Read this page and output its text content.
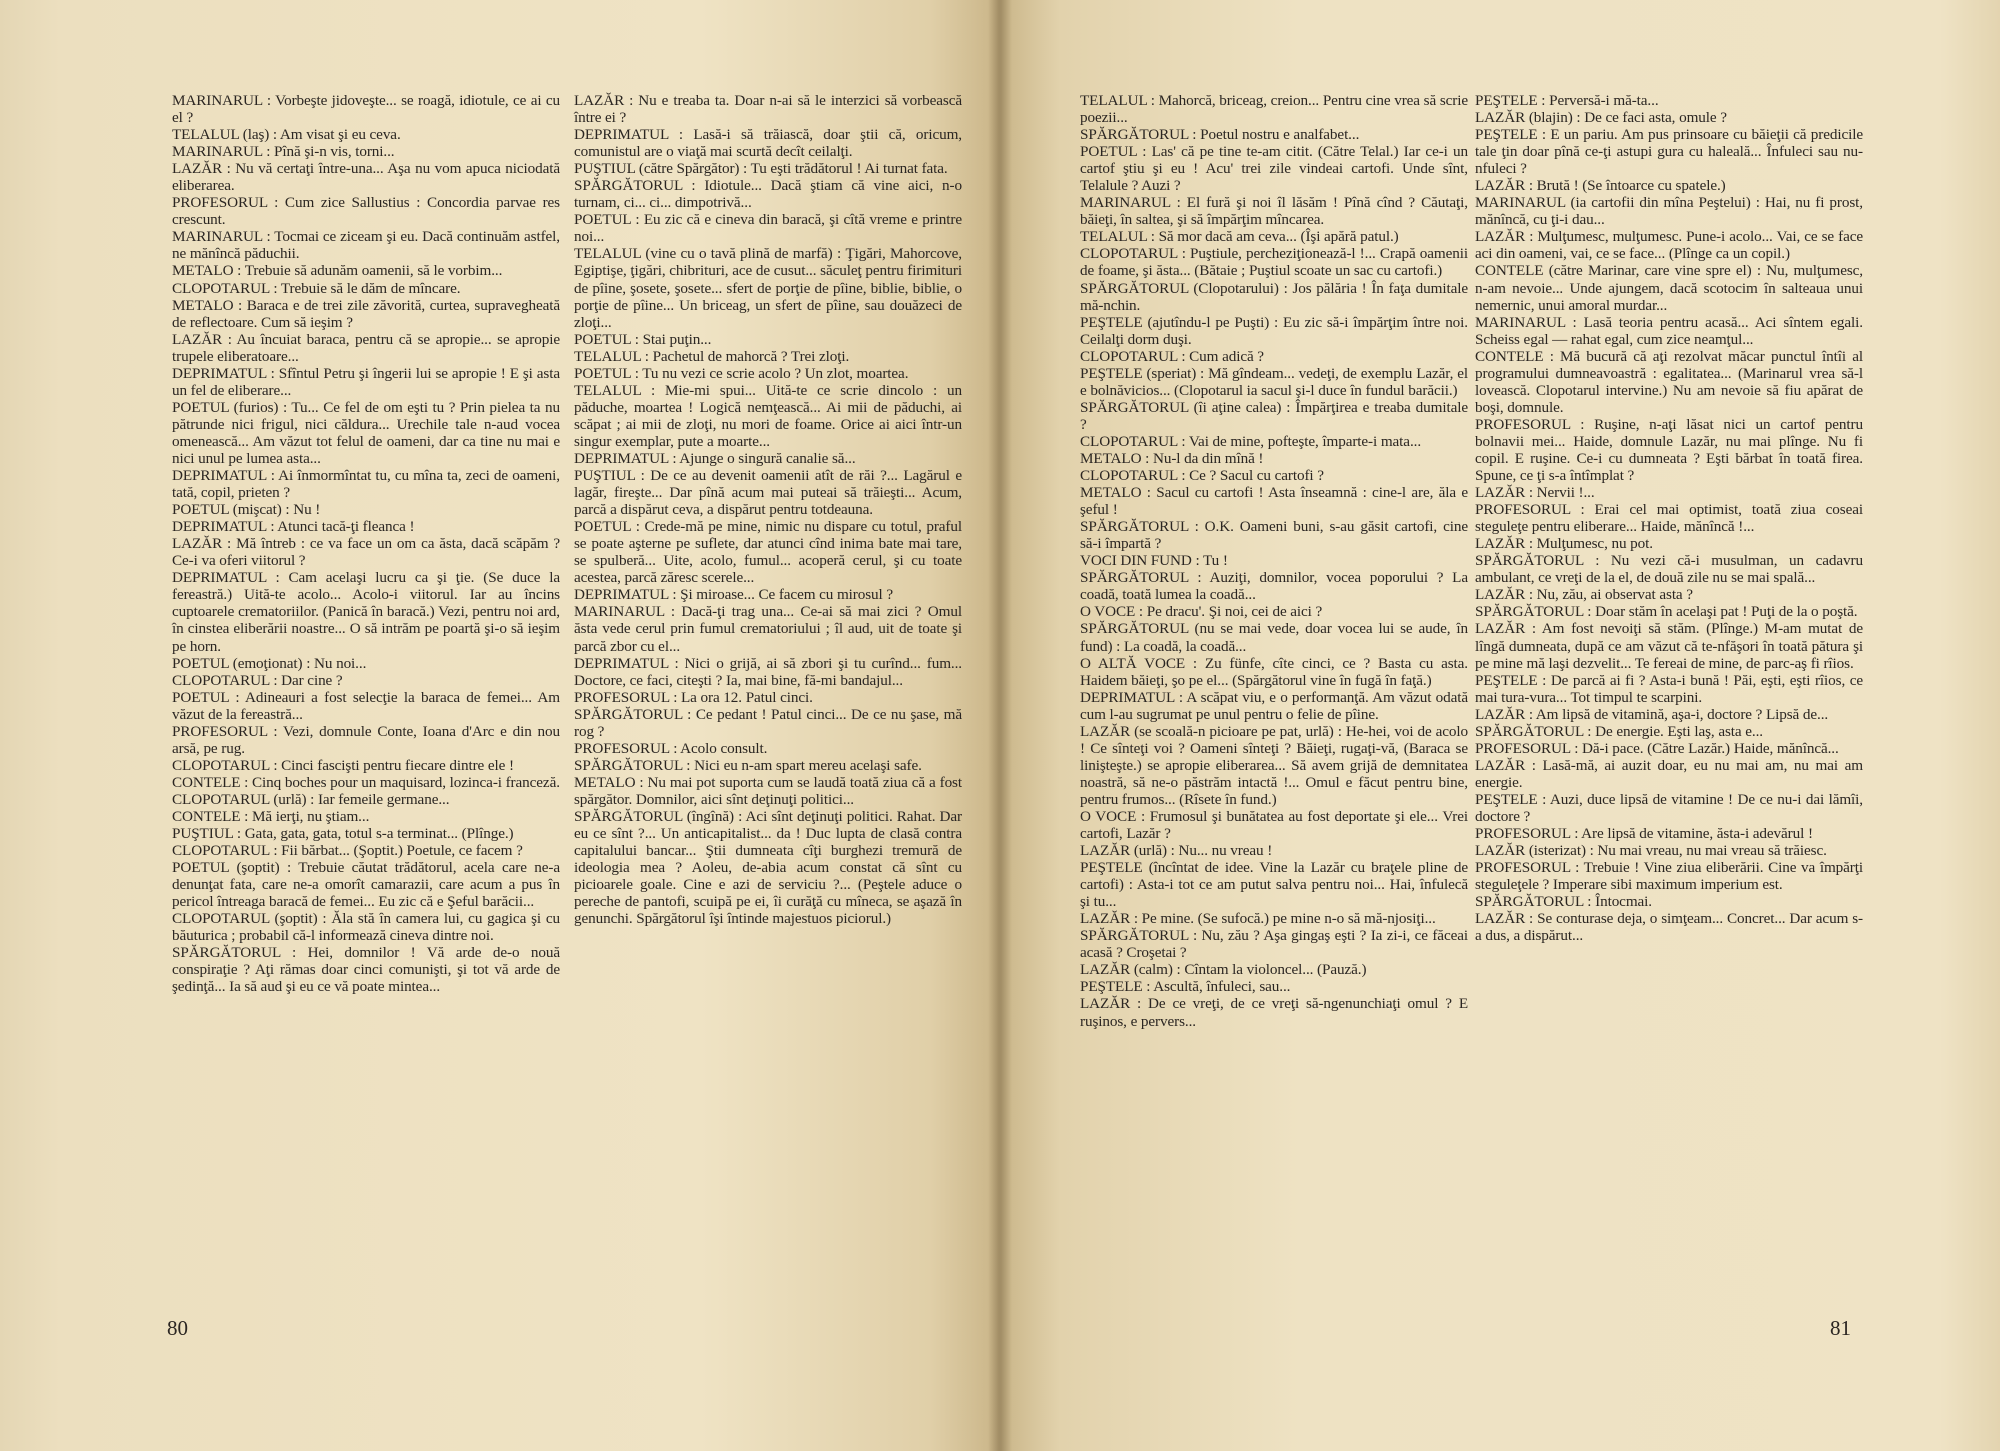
MARINARUL : Vorbeşte jidoveşte... se roagă, idiotule, ce ai cu el ?

TELALUL (laş) : Am visat şi eu ceva.

MARINARUL : Pînă şi-n vis, torni...

LAZĂR : Nu vă certaţi între-una... Aşa nu vom apuca niciodată eliberarea.

PROFESORUL : Cum zice Sallustius : Concordia parvae res crescunt.

MARINARUL : Tocmai ce ziceam şi eu. Dacă continuăm astfel, ne mănîncă păduchii.

METALO : Trebuie să adunăm oamenii, să le vorbim...

CLOPOTARUL : Trebuie să le dăm de mîncare.

METALO : Baraca e de trei zile zăvorită, curtea, supravegheată de reflectoare. Cum să ieşim ?

LAZĂR : Au încuiat baraca, pentru că se apropie... se apropie trupele eliberatoare...

DEPRIMATUL : Sfîntul Petru şi îngerii lui se apropie ! E şi asta un fel de eliberare...

POETUL (furios) : Tu... Ce fel de om eşti tu ? Prin pielea ta nu pătrunde nici frigul, nici căldura... Urechile tale n-aud vocea omenească... Am văzut tot felul de oameni, dar ca tine nu mai e nici unul pe lumea asta...

DEPRIMATUL : Ai înmormîntat tu, cu mîna ta, zeci de oameni, tată, copil, prieten ?

POETUL (mişcat) : Nu !

DEPRIMATUL : Atunci tacă-ţi fleanca !

LAZĂR : Mă întreb : ce va face un om ca ăsta, dacă scăpăm ? Ce-i va oferi viitorul ?

DEPRIMATUL : Cam acelaşi lucru ca şi ţie. (Se duce la fereastră.) Uită-te acolo... Acolo-i viitorul. Iar au încins cuptoarele crematoriilor. (Panică în baracă.) Vezi, pentru noi ard, în cinstea eliberării noastre... O să intrăm pe poartă şi-o să ieşim pe horn.

POETUL (emoţionat) : Nu noi...

CLOPOTARUL : Dar cine ?

POETUL : Adineauri a fost selecţie la baraca de femei... Am văzut de la fereastră...

PROFESORUL : Vezi, domnule Conte, Ioana d'Arc e din nou arsă, pe rug.

CLOPOTARUL : Cinci fascişti pentru fiecare dintre ele !

CONTELE : Cinq boches pour un maquisard, lozinca-i franceză.

CLOPOTARUL (urlă) : Iar femeile germane...

CONTELE : Mă ierţi, nu ştiam...

PUŞTIUL : Gata, gata, gata, totul s-a terminat... (Plînge.)

CLOPOTARUL : Fii bărbat... (Şoptit.) Poetule, ce facem ?

POETUL (şoptit) : Trebuie căutat trădătorul, acela care ne-a denunţat fata, care ne-a omorît camarazii, care acum a pus în pericol întreaga baracă de femei... Eu zic că e Şeful barăcii...

CLOPOTARUL (şoptit) : Ăla stă în camera lui, cu gagica şi cu băuturica ; probabil că-l informează cineva dintre noi.

SPĂRGĂTORUL : Hei, domnilor ! Vă arde de-o nouă conspiraţie ? Aţi rămas doar cinci comunişti, şi tot vă arde de şedinţă... Ia să aud şi eu ce vă poate mintea...

LAZĂR : Nu e treaba ta. Doar n-ai să le interzici să vorbească între ei ?

DEPRIMATUL : Lasă-i să trăiască, doar ştii că, oricum, comunistul are o viaţă mai scurtă decît ceilalţi.

PUŞTIUL (către Spărgător) : Tu eşti trădătorul ! Ai turnat fata.

SPĂRGĂTORUL : Idiotule... Dacă ştiam că vine aici, n-o turnam, ci... ci... dimpotrivă...

POETUL : Eu zic că e cineva din baracă, şi cîtă vreme e printre noi...

TELALUL (vine cu o tavă plină de marfă) : Ţigări, Mahorcove, Egiptişe, ţigări, chibrituri, ace de cusut... săculeţ pentru firimituri de pîine, şosete, şosete... sfert de porţie de pîine, biblie, biblie, o porţie de pîine... Un briceag, un sfert de pîine, sau douăzeci de zloţi...

POETUL : Stai puţin...

TELALUL : Pachetul de mahorcă ? Trei zloţi.

POETUL : Tu nu vezi ce scrie acolo ? Un zlot, moartea.

TELALUL : Mie-mi spui... Uită-te ce scrie dincolo : un păduche, moartea ! Logică nemţească... Ai mii de păduchi, ai scăpat ; ai mii de zloţi, nu mori de foame. Orice ai aici într-un singur exemplar, pute a moarte...

DEPRIMATUL : Ajunge o singură canalie să...

PUŞTIUL : De ce au devenit oamenii atît de răi ?... Lagărul e lagăr, fireşte... Dar pînă acum mai puteai să trăieşti... Acum, parcă a dispărut ceva, a dispărut pentru totdeauna.

POETUL : Crede-mă pe mine, nimic nu dispare cu totul, praful se poate aşterne pe suflete, dar atunci cînd inima bate mai tare, se spulberă... Uite, acolo, fumul... acoperă cerul, şi cu toate acestea, parcă zăresc scerele...

DEPRIMATUL : Şi miroase... Ce facem cu mirosul ?

MARINARUL : Dacă-ţi trag una... Ce-ai să mai zici ? Omul ăsta vede cerul prin fumul crematoriului ; îl aud, uit de toate şi parcă zbor cu el...

DEPRIMATUL : Nici o grijă, ai să zbori şi tu curînd... fum... Doctore, ce faci, citeşti ? Ia, mai bine, fă-mi bandajul...

PROFESORUL : La ora 12. Patul cinci.

SPĂRGĂTORUL : Ce pedant ! Patul cinci... De ce nu şase, mă rog ?

PROFESORUL : Acolo consult.

SPĂRGĂTORUL : Nici eu n-am spart mereu acelaşi safe.

METALO : Nu mai pot suporta cum se laudă toată ziua că a fost spărgător. Domnilor, aici sînt deţinuţi politici...

SPĂRGĂTORUL (îngînă) : Aci sînt deţinuţi politici. Rahat. Dar eu ce sînt ?... Un anticapitalist... da ! Duc lupta de clasă contra capitalului bancar... Ştii dumneata cîţi burghezi tremură de ideologia mea ? Aoleu, de-abia acum constat că sînt cu picioarele goale. Cine e azi de serviciu ?... (Peştele aduce o pereche de pantofi, scuipă pe ei, îi curăţă cu mîneca, se aşază în genunchi. Spărgătorul îşi întinde majestuos piciorul.)

80

TELALUL : Mahorcă, briceag, creion... Pentru cine vrea să scrie poezii...

SPĂRGĂTORUL : Poetul nostru e analfabet...

POETUL : Las' că pe tine te-am citit. (Către Telal.) Iar ce-i un cartof ştiu şi eu ! Acu' trei zile vindeai cartofi. Unde sînt, Telalule ? Auzi ?

MARINARUL : El fură şi noi îl lăsăm ! Pînă cînd ? Căutaţi, băieţi, în saltea, şi să împărţim mîncarea.

TELALUL : Să mor dacă am ceva... (Îşi apără patul.)

CLOPOTARUL : Puştiule, percheziţionează-l !... Crapă oamenii de foame, şi ăsta... (Bătaie ; Puştiul scoate un sac cu cartofi.)

SPĂRGĂTORUL (Clopotarului) : Jos pălăria ! În faţa dumitale mă-nchin.

PEŞTELE (ajutîndu-l pe Puşti) : Eu zic să-i împărţim între noi. Ceilalţi dorm duşi.

CLOPOTARUL : Cum adică ?

PEŞTELE (speriat) : Mă gîndeam... vedeţi, de exemplu Lazăr, el e bolnăvicios... (Clopotarul ia sacul şi-l duce în fundul barăcii.)

SPĂRGĂTORUL (îi aţine calea) : Împărţirea e treaba dumitale ?

CLOPOTARUL : Vai de mine, pofteşte, împarte-i mata...

METALO : Nu-l da din mînă !

CLOPOTARUL : Ce ? Sacul cu cartofi ?

METALO : Sacul cu cartofi ! Asta înseamnă : cine-l are, ăla e şeful !

SPĂRGĂTORUL : O.K. Oameni buni, s-au găsit cartofi, cine să-i împartă ?

VOCI DIN FUND : Tu !

SPĂRGĂTORUL : Auziţi, domnilor, vocea poporului ? La coadă, toată lumea la coadă...

O VOCE : Pe dracu'. Şi noi, cei de aici ?

SPĂRGĂTORUL (nu se mai vede, doar vocea lui se aude, în fund) : La coadă, la coadă...

O ALTĂ VOCE : Zu fünfe, cîte cinci, ce ? Basta cu asta. Haidem băieţi, şo pe el... (Spărgătorul vine în fugă în faţă.)

DEPRIMATUL : A scăpat viu, e o performanţă. Am văzut odată cum l-au sugrumat pe unul pentru o felie de pîine.

LAZĂR (se scoală-n picioare pe pat, urlă) : He-hei, voi de acolo ! Ce sînteţi voi ? Oameni sînteţi ? Băieţi, rugaţi-vă, (Baraca se linişteşte.) se apropie eliberarea... Să avem grijă de demnitatea noastră, să ne-o păstrăm intactă !... Omul e făcut pentru bine, pentru frumos... (Rîsete în fund.)

O VOCE : Frumosul şi bunătatea au fost deportate şi ele... Vrei cartofi, Lazăr ?

LAZĂR (urlă) : Nu... nu vreau !

PEŞTELE (încîntat de idee. Vine la Lazăr cu braţele pline de cartofi) : Asta-i tot ce am putut salva pentru noi... Hai, înfulecă şi tu...

LAZĂR : Pe mine. (Se sufocă.) pe mine n-o să mă-njosiţi...

SPĂRGĂTORUL : Nu, zău ? Aşa gingaş eşti ? Ia zi-i, ce făceai acasă ? Croşetai ?

LAZĂR (calm) : Cîntam la violoncel... (Pauză.)

PEŞTELE : Ascultă, înfuleci, sau...

LAZĂR : De ce vreţi, de ce vreţi să-ngenunchiaţi omul ? E ruşinos, e pervers...

PEŞTELE : Perversă-i mă-ta...

LAZĂR (blajin) : De ce faci asta, omule ?

PEŞTELE : E un pariu. Am pus prinsoare cu băieţii că predicile tale ţin doar pînă ce-ţi astupi gura cu haleală... Înfuleci sau nu-nfuleci ?

LAZĂR : Brută ! (Se întoarce cu spatele.)

MARINARUL (ia cartofii din mîna Peştelui) : Hai, nu fi prost, mănîncă, cu ţi-i dau...

LAZĂR : Mulţumesc, mulţumesc. Pune-i acolo... Vai, ce se face aci din oameni, vai, ce se face... (Plînge ca un copil.)

CONTELE (către Marinar, care vine spre el) : Nu, mulţumesc, n-am nevoie... Unde ajungem, dacă scotocim în salteaua unui nemernic, unui amoral murdar...

MARINARUL : Lasă teoria pentru acasă... Aci sîntem egali. Scheiss egal — rahat egal, cum zice neamţul...

CONTELE : Mă bucură că aţi rezolvat măcar punctul întîi al programului dumneavoastră : egalitatea... (Marinarul vrea să-l lovească. Clopotarul intervine.) Nu am nevoie să fiu apărat de boşi, domnule.

PROFESORUL : Ruşine, n-aţi lăsat nici un cartof pentru bolnavii mei... Haide, domnule Lazăr, nu mai plînge. Nu fi copil. E ruşine. Ce-i cu dumneata ? Eşti bărbat în toată firea. Spune, ce ţi s-a întîmplat ?

LAZĂR : Nervii !...

PROFESORUL : Erai cel mai optimist, toată ziua coseai steguleţe pentru eliberare... Haide, mănîncă !...

LAZĂR : Mulţumesc, nu pot.

SPĂRGĂTORUL : Nu vezi că-i musulman, un cadavru ambulant, ce vreţi de la el, de două zile nu se mai spală...

LAZĂR : Nu, zău, ai observat asta ?

SPĂRGĂTORUL : Doar stăm în acelaşi pat ! Puţi de la o poştă.

LAZĂR : Am fost nevoiţi să stăm. (Plînge.) M-am mutat de lîngă dumneata, după ce am văzut că te-nfăşori în toată pătura şi pe mine mă laşi dezvelit... Te fereai de mine, de parc-aş fi rîios.

PEŞTELE : De parcă ai fi ? Asta-i bună ! Păi, eşti, eşti rîios, ce mai tura-vura... Tot timpul te scarpini.

LAZĂR : Am lipsă de vitamină, aşa-i, doctore ? Lipsă de...

SPĂRGĂTORUL : De energie. Eşti laş, asta e...

PROFESORUL : Dă-i pace. (Către Lazăr.) Haide, mănîncă...

LAZĂR : Lasă-mă, ai auzit doar, eu nu mai am, nu mai am energie.

PEŞTELE : Auzi, duce lipsă de vitamine ! De ce nu-i dai lămîi, doctore ?

PROFESORUL : Are lipsă de vitamine, ăsta-i adevărul !

LAZĂR (isterizat) : Nu mai vreau, nu mai vreau să trăiesc.

PROFESORUL : Trebuie ! Vine ziua eliberării. Cine va împărţi steguleţele ? Imperare sibi maximum imperium est.

SPĂRGĂTORUL : Întocmai.

LAZĂR : Se conturase deja, o simţeam... Concret... Dar acum s-a dus, a dispărut...

81
